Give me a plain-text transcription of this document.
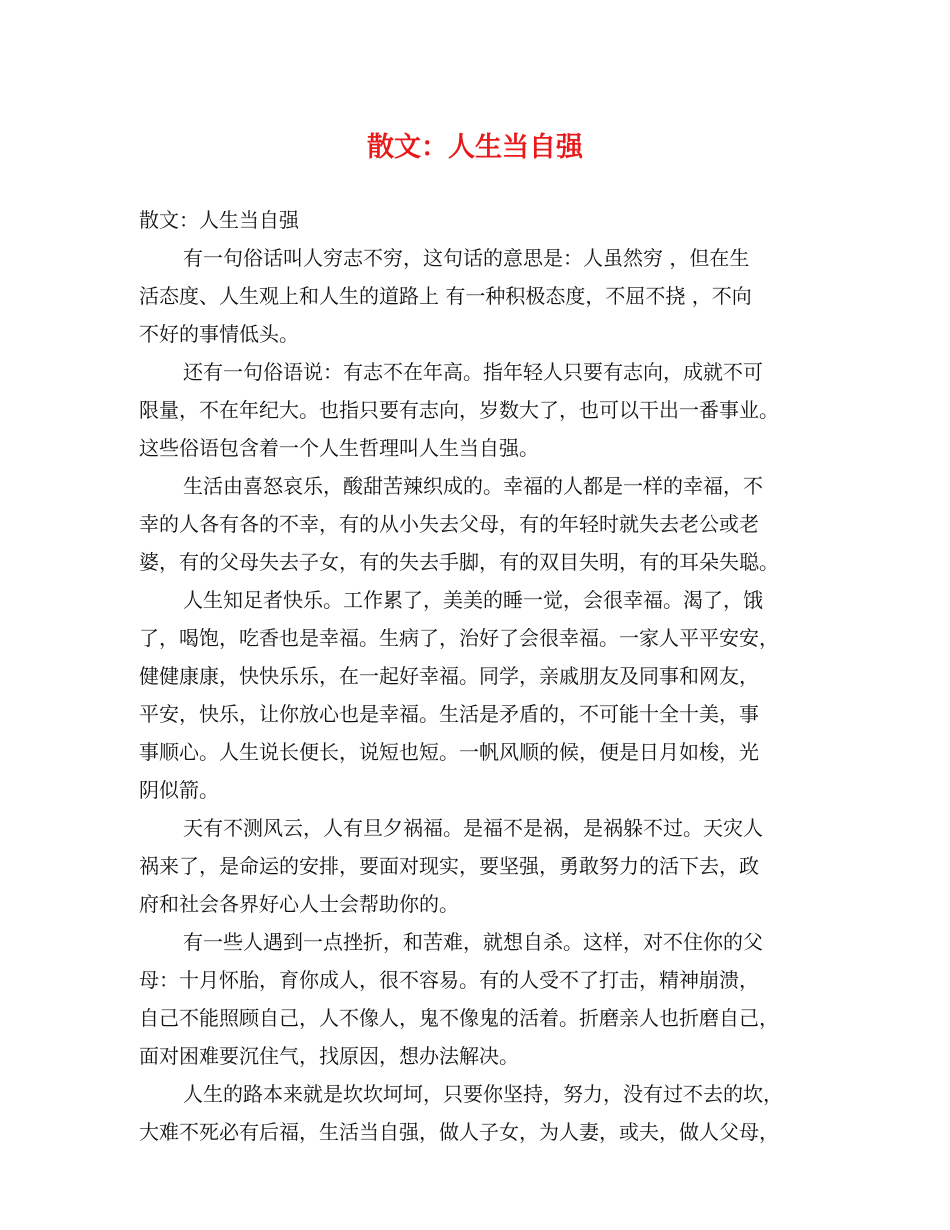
散文：人生当自强
散文：人生当自强
有一句俗话叫人穷志不穷，这句话的意思是：人虽然穷 ，但在生
活态度、人生观上和人生的道路上 有一种积极态度，不屈不挠 ，不向
不好的事情低头。
还有一句俗语说：有志不在年高。指年轻人只要有志向，成就不可
限量，不在年纪大。也指只要有志向，岁数大了，也可以干出一番事业。
这些俗语包含着一个人生哲理叫人生当自强。
生活由喜怒哀乐，酸甜苦辣织成的。幸福的人都是一样的幸福，不
幸的人各有各的不幸，有的从小失去父母，有的年轻时就失去老公或老
婆，有的父母失去子女，有的失去手脚，有的双目失明，有的耳朵失聪。
人生知足者快乐。工作累了，美美的睡一觉，会很幸福。渴了，饿
了，喝饱，吃香也是幸福。生病了，治好了会很幸福。一家人平平安安，
健健康康，快快乐乐，在一起好幸福。同学，亲戚朋友及同事和网友，
平安，快乐，让你放心也是幸福。生活是矛盾的，不可能十全十美，事
事顺心。人生说长便长，说短也短。一帆风顺的候，便是日月如梭，光
阴似箭。
天有不测风云，人有旦夕祸福。是福不是祸，是祸躲不过。天灾人
祸来了，是命运的安排，要面对现实，要坚强，勇敢努力的活下去，政
府和社会各界好心人士会帮助你的。
有一些人遇到一点挫折，和苦难，就想自杀。这样，对不住你的父
母：十月怀胎，育你成人，很不容易。有的人受不了打击，精神崩溃，
自己不能照顾自己，人不像人，鬼不像鬼的活着。折磨亲人也折磨自己，
面对困难要沉住气，找原因，想办法解决。
人生的路本来就是坎坎坷坷，只要你坚持，努力，没有过不去的坎，
大难不死必有后福，生活当自强，做人子女，为人妻，或夫，做人父母，
